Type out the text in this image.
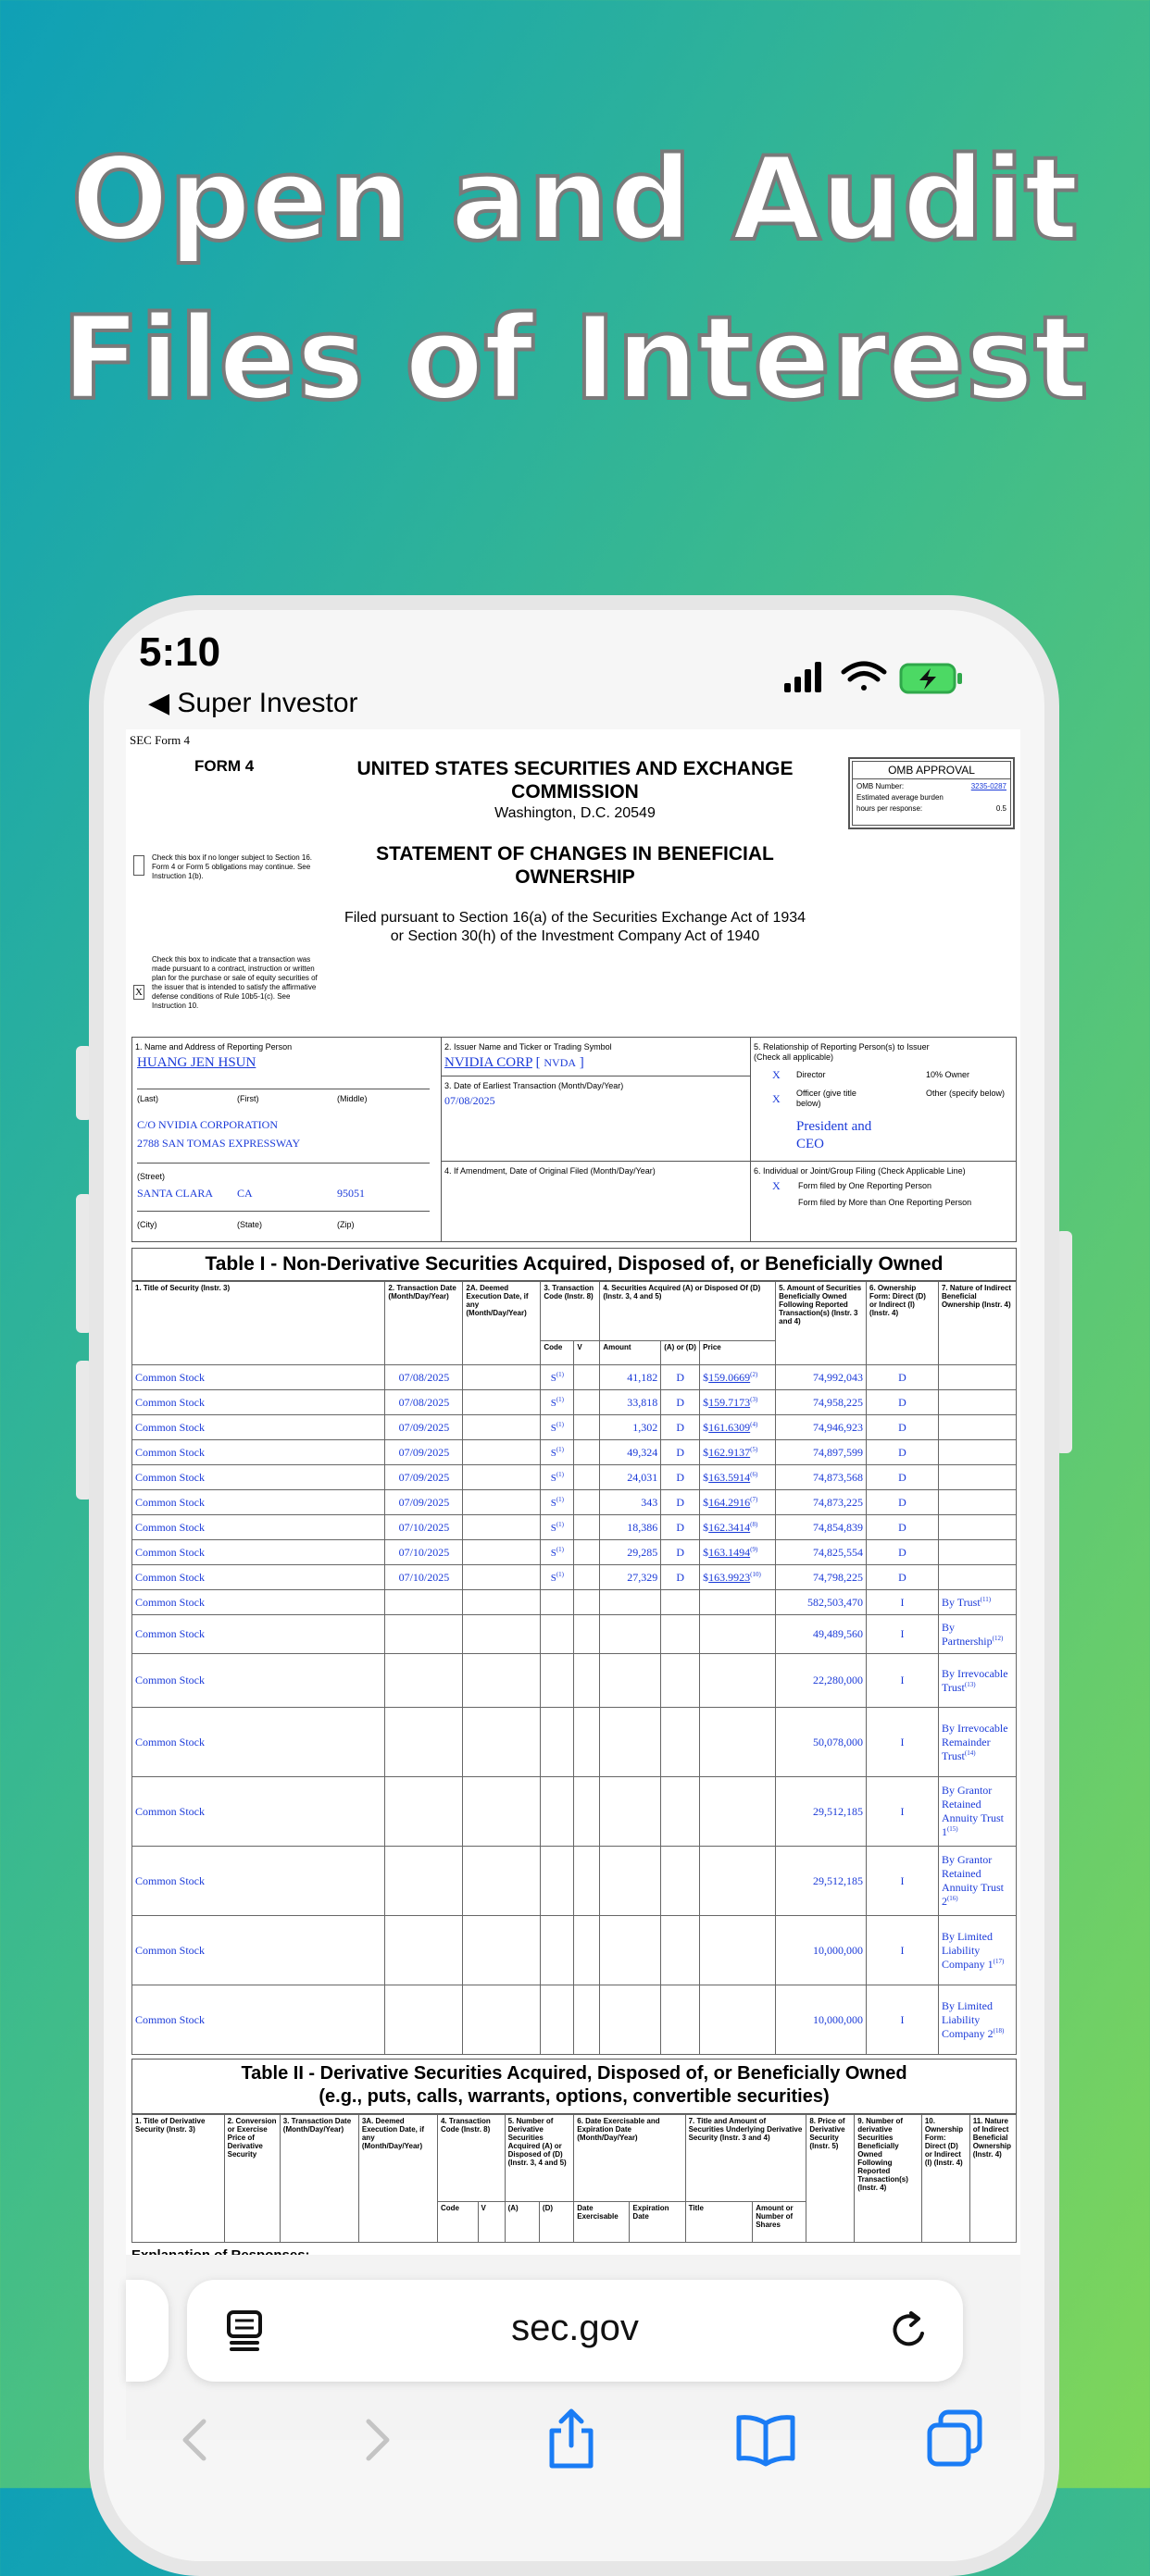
Open and Audit
Files of Interest
5:10
◀ Super Investor
SEC Form 4
FORM 4	UNITED STATES SECURITIES AND EXCHANGE COMMISSION
Washington, D.C. 20549
OMB APPROVAL
OMB Number:	3235-0287
Estimated average burden
hours per response:	0.5
Check this box if no longer subject to Section 16. Form 4 or Form 5 obligations may continue. See Instruction 1(b).
STATEMENT OF CHANGES IN BENEFICIAL OWNERSHIP
Filed pursuant to Section 16(a) of the Securities Exchange Act of 1934
or Section 30(h) of the Investment Company Act of 1940
X
Check this box to indicate that a transaction was made pursuant to a contract, instruction or written plan for the purchase or sale of equity securities of the issuer that is intended to satisfy the affirmative defense conditions of Rule 10b5-1(c). See Instruction 10.
1. Name and Address of Reporting Person
HUANG JEN HSUN
(Last)	(First)	(Middle)
C/O NVIDIA CORPORATION
2788 SAN TOMAS EXPRESSWAY
(Street)
SANTA CLARA CA	95051
(City)	(State)	(Zip)
2. Issuer Name and Ticker or Trading Symbol
NVIDIA CORP [ NVDA ]
3. Date of Earliest Transaction (Month/Day/Year)
07/08/2025
4. If Amendment, Date of Original Filed (Month/Day/Year)
5. Relationship of Reporting Person(s) to Issuer
(Check all applicable)
X Director	10% Owner
X Officer (give title below)
Other (specify below)
President and
CEO
6. Individual or Joint/Group Filing (Check Applicable Line)
X Form filed by One Reporting Person
Form filed by More than One Reporting Person
Table I - Non-Derivative Securities Acquired, Disposed of, or Beneficially Owned
1. Title of Security (Instr. 3)	2. Transaction Date (Month/Day/Year)	2A. Deemed Execution Date, if any (Month/Day/Year)	3. Transaction Code (Instr. 8)		4. Securities Acquired (A) or Disposed Of (D) (Instr. 3, 4 and 5)			5. Amount of Securities Beneficially Owned Following Reported Transaction(s) (Instr. 3 and 4)	6. Ownership Form: Direct (D) or Indirect (I) (Instr. 4)	7. Nature of Indirect Beneficial Ownership (Instr. 4)
			Code	V	Amount	(A) or (D)	Price			
Common Stock	07/08/2025		$S^{(1)}$		41,182	D	$159.0669$^{(2)}$	74,992,043	D	
Common Stock	07/08/2025		$S^{(1)}$		33,818	D	$159.7173$^{(3)}$	74,958,225	D	
Common Stock	07/09/2025		$S^{(1)}$		1,302	D	$161.6309$^{(4)}$	74,946,923	D	
Common Stock	07/09/2025		$S^{(1)}$		49,324	D	$162.9137$^{(5)}$	74,897,599	D	
Common Stock	07/09/2025		$S^{(1)}$		24,031	D	$163.5914$^{(6)}$	74,873,568	D	
Common Stock	07/09/2025		$S^{(1)}$		343	D	$164.2916$^{(7)}$	74,873,225	D	
Common Stock	07/10/2025		$S^{(1)}$		18,386	D	$162.3414$^{(8)}$	74,854,839	D	
Common Stock	07/10/2025		$S^{(1)}$		29,285	D	$163.1494$^{(9)}$	74,825,554	D	
Common Stock	07/10/2025		$S^{(1)}$		27,329	D	$163.9923$^{(10)}$	74,798,225	D	
Common Stock								582,503,470	I	By Trust$^{(11)}$
Common Stock								49,489,560	I	By Partnership$^{(12)}$
Common Stock								22,280,000	I	By Irrevocable Trust$^{(13)}$
Common Stock								50,078,000	I	By Irrevocable Remainder Trust$^{(14)}$
Common Stock								29,512,185	I	By Grantor Retained Annuity Trust 1$^{(15)}$
Common Stock								29,512,185	I	By Grantor Retained Annuity Trust 2$^{(16)}$
Common Stock								10,000,000	I	By Limited Liability Company 1$^{(17)}$
Common Stock								10,000,000	I	By Limited Liability Company 2$^{(18)}$
Table II - Derivative Securities Acquired, Disposed of, or Beneficially Owned
(e.g., puts, calls, warrants, options, convertible securities)
1. Title of Derivative Security (Instr. 3)	2. Conversion or Exercise Price of Derivative Security	3. Transaction Date (Month/Day/Year)	3A. Deemed Execution Date, if any (Month/Day/Year)	4. Transaction Code (Instr. 8)		5. Number of Derivative Securities Acquired (A) or Disposed of (D) (Instr. 3, 4 and 5)		6. Date Exercisable and Expiration Date (Month/Day/Year)		7. Title and Amount of Securities Underlying Derivative Security (Instr. 3 and 4)		8. Price of Derivative Security (Instr. 5)	9. Number of derivative Securities Beneficially Owned Following Reported Transaction(s) (Instr. 4)	10. Ownership Form: Direct (D) or Indirect (I) (Instr. 4)	11. Nature of Indirect Beneficial Ownership (Instr. 4)
				Code	V	(A)	(D)	Date Exercisable	Expiration Date	Title	Amount or Number of Shares				
sec.gov
